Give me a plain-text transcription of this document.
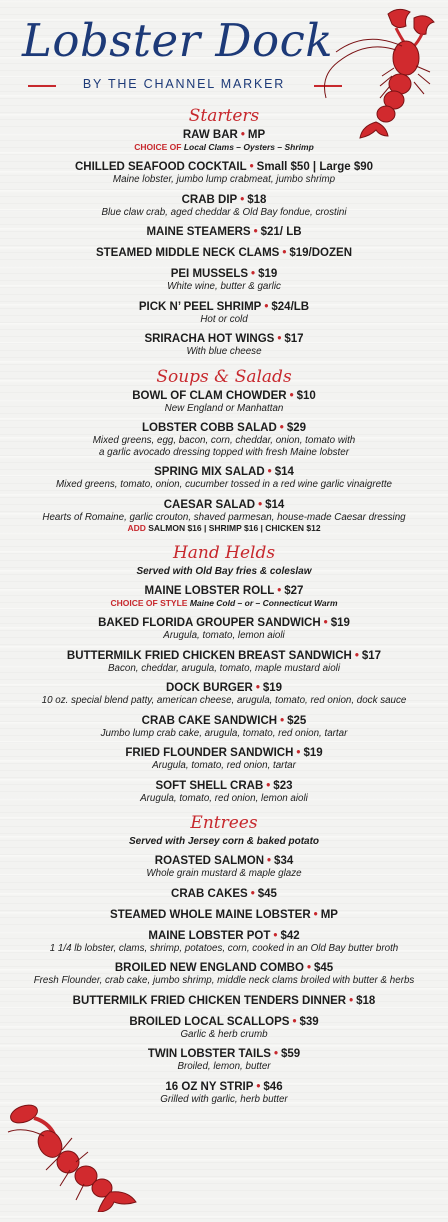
Lobster Dock
BY THE CHANNEL MARKER
Starters
RAW BAR • MP
CHOICE OF Local Clams – Oysters – Shrimp
CHILLED SEAFOOD COCKTAIL • Small $50 | Large $90
Maine lobster, jumbo lump crabmeat, jumbo shrimp
CRAB DIP • $18
Blue claw crab, aged cheddar & Old Bay fondue, crostini
MAINE STEAMERS • $21/ LB
STEAMED MIDDLE NECK CLAMS • $19/DOZEN
PEI MUSSELS • $19
White wine, butter & garlic
PICK N’ PEEL SHRIMP • $24/LB
Hot or cold
SRIRACHA HOT WINGS • $17
With blue cheese
Soups & Salads
BOWL OF CLAM CHOWDER • $10
New England or Manhattan
LOBSTER COBB SALAD • $29
Mixed greens, egg, bacon, corn, cheddar, onion, tomato with
a garlic avocado dressing topped with fresh Maine lobster
SPRING MIX SALAD • $14
Mixed greens, tomato, onion, cucumber tossed in a red wine garlic vinaigrette
CAESAR SALAD • $14
Hearts of Romaine, garlic crouton, shaved parmesan, house-made Caesar dressing
ADD SALMON $16 | SHRIMP $16 | CHICKEN $12
Hand Helds
Served with Old Bay fries & coleslaw
MAINE LOBSTER ROLL • $27
CHOICE OF STYLE Maine Cold – or – Connecticut Warm
BAKED FLORIDA GROUPER SANDWICH • $19
Arugula, tomato, lemon aioli
BUTTERMILK FRIED CHICKEN BREAST SANDWICH • $17
Bacon, cheddar, arugula, tomato, maple mustard aioli
DOCK BURGER • $19
10 oz. special blend patty, american cheese, arugula, tomato, red onion, dock sauce
CRAB CAKE SANDWICH • $25
Jumbo lump crab cake, arugula, tomato, red onion, tartar
FRIED FLOUNDER SANDWICH • $19
Arugula, tomato, red onion, tartar
SOFT SHELL CRAB • $23
Arugula, tomato, red onion, lemon aioli
Entrees
Served with Jersey corn & baked potato
ROASTED SALMON • $34
Whole grain mustard & maple glaze
CRAB CAKES • $45
STEAMED WHOLE MAINE LOBSTER • MP
MAINE LOBSTER POT • $42
1 1/4 lb lobster, clams, shrimp, potatoes, corn, cooked in an Old Bay butter broth
BROILED NEW ENGLAND COMBO • $45
Fresh Flounder, crab cake, jumbo shrimp, middle neck clams broiled with butter & herbs
BUTTERMILK FRIED CHICKEN TENDERS DINNER • $18
BROILED LOCAL SCALLOPS • $39
Garlic & herb crumb
TWIN LOBSTER TAILS • $59
Broiled, lemon, butter
16 OZ NY STRIP • $46
Grilled with garlic, herb butter
